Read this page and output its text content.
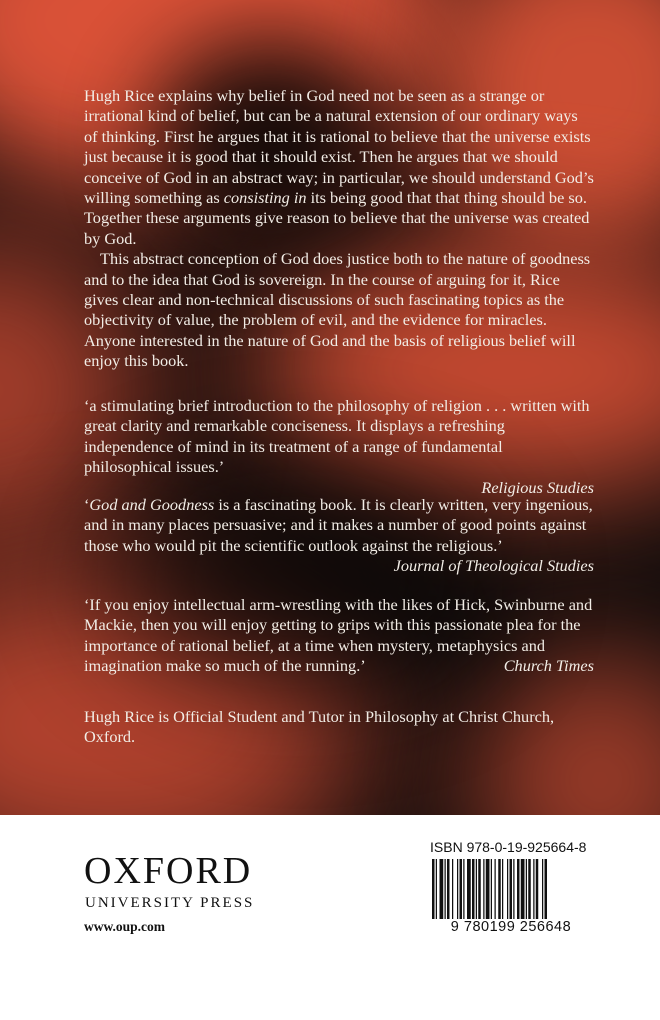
Hugh Rice explains why belief in God need not be seen as a strange or irrational kind of belief, but can be a natural extension of our ordinary ways of thinking. First he argues that it is rational to believe that the universe exists just because it is good that it should exist. Then he argues that we should conceive of God in an abstract way; in particular, we should understand God’s willing something as consisting in its being good that that thing should be so. Together these arguments give reason to believe that the universe was created by God.

This abstract conception of God does justice both to the nature of goodness and to the idea that God is sovereign. In the course of arguing for it, Rice gives clear and non-technical discussions of such fascinating topics as the objectivity of value, the problem of evil, and the evidence for miracles. Anyone interested in the nature of God and the basis of religious belief will enjoy this book.

‘a stimulating brief introduction to the philosophy of religion . . . written with great clarity and remarkable conciseness. It displays a refreshing independence of mind in its treatment of a range of fundamental philosophical issues.’

Religious Studies

‘God and Goodness is a fascinating book. It is clearly written, very ingenious, and in many places persuasive; and it makes a number of good points against those who would pit the scientific outlook against the religious.’

Journal of Theological Studies

‘If you enjoy intellectual arm-wrestling with the likes of Hick, Swinburne and Mackie, then you will enjoy getting to grips with this passionate plea for the importance of rational belief, at a time when mystery, metaphysics and imagination make so much of the running.’	Church Times
Hugh Rice is Official Student and Tutor in Philosophy at Christ Church, Oxford.
OXFORD
UNIVERSITY PRESS
www.oup.com
ISBN 978-0-19-925664-8
9 780199 256648
